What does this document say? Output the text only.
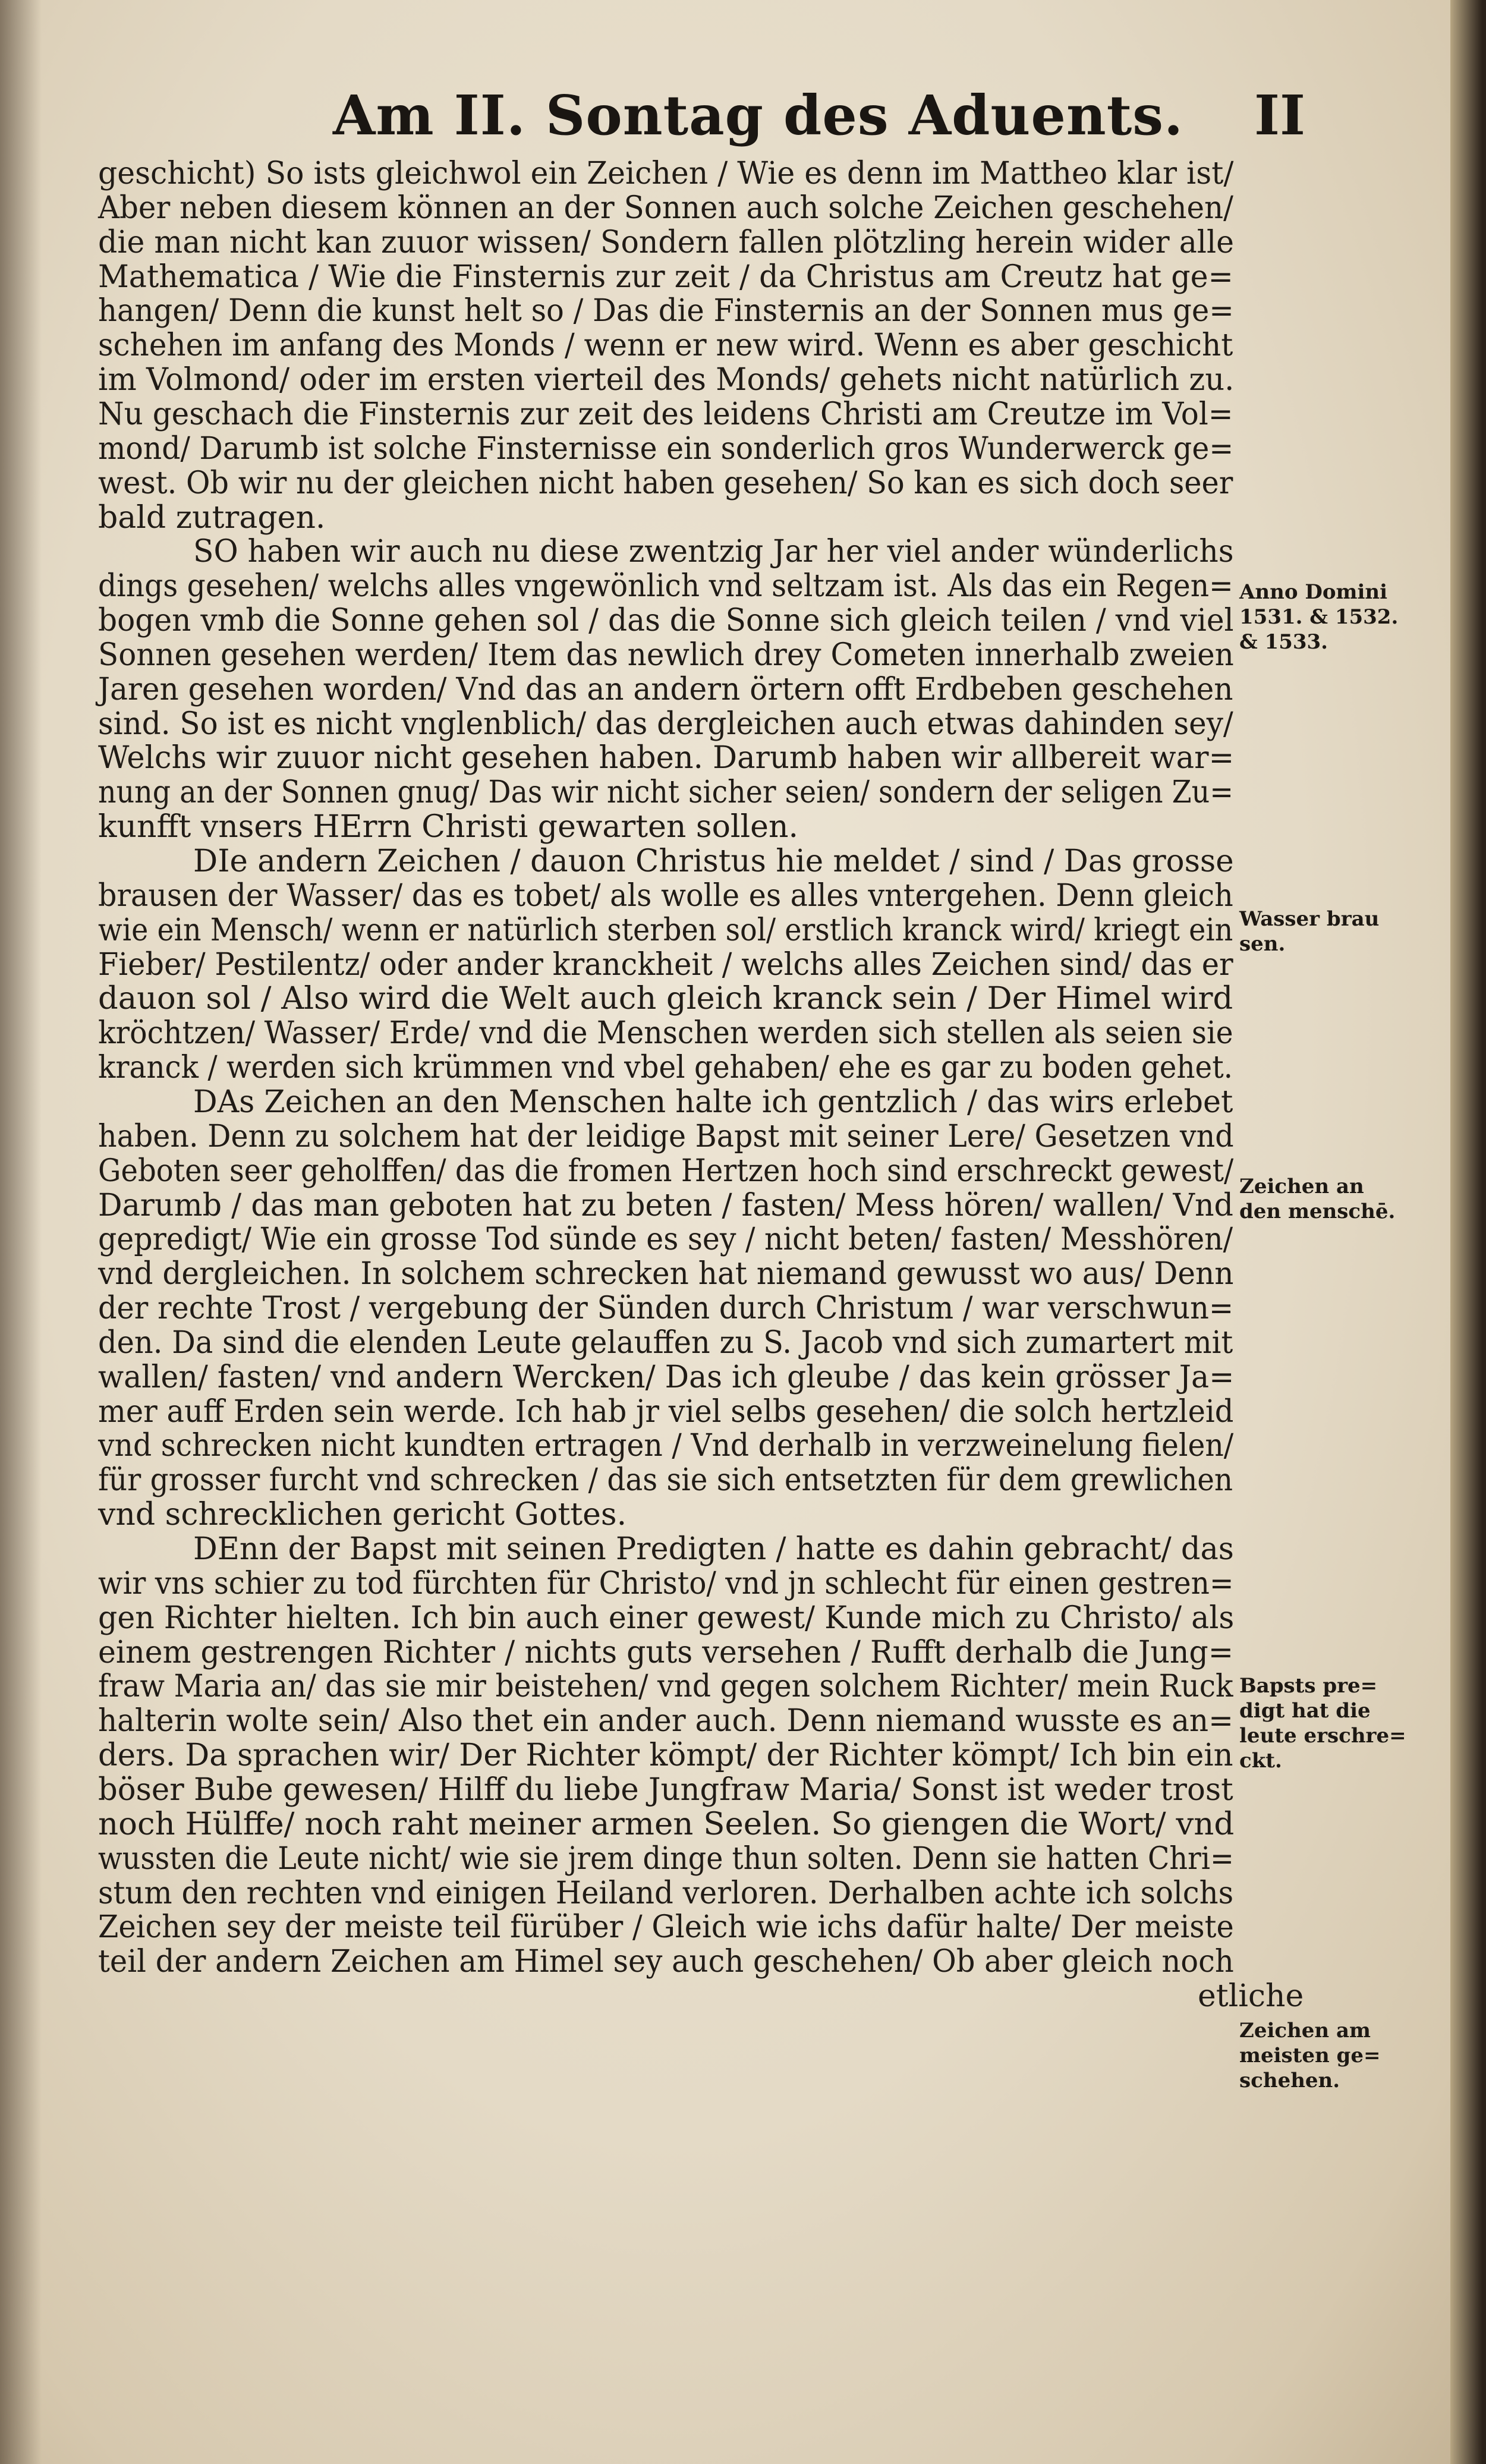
Am II. Sontag des Aduents. II
geschicht) So ists gleichwol ein Zeichen / Wie es denn im Mattheo klar ist/
Aber neben diesem können an der Sonnen auch solche Zeichen geschehen/
die man nicht kan zuuor wissen/ Sondern fallen plötzling herein wider alle
Mathematica / Wie die Finsternis zur zeit / da Christus am Creutz hat ge=
hangen/ Denn die kunst helt so / Das die Finsternis an der Sonnen mus ge=
schehen im anfang des Monds / wenn er new wird. Wenn es aber geschicht
im Volmond/ oder im ersten vierteil des Monds/ gehets nicht natürlich zu.
Nu geschach die Finsternis zur zeit des leidens Christi am Creutze im Vol=
mond/ Darumb ist solche Finsternisse ein sonderlich gros Wunderwerck ge=
west. Ob wir nu der gleichen nicht haben gesehen/ So kan es sich doch seer
bald zutragen.
SO haben wir auch nu diese zwentzig Jar her viel ander wünderlichs
dings gesehen/ welchs alles vngewönlich vnd seltzam ist. Als das ein Regen=
bogen vmb die Sonne gehen sol / das die Sonne sich gleich teilen / vnd viel
Sonnen gesehen werden/ Item das newlich drey Cometen innerhalb zweien
Jaren gesehen worden/ Vnd das an andern örtern offt Erdbeben geschehen
sind. So ist es nicht vnglenblich/ das dergleichen auch etwas dahinden sey/
Welchs wir zuuor nicht gesehen haben. Darumb haben wir allbereit war=
nung an der Sonnen gnug/ Das wir nicht sicher seien/ sondern der seligen Zu=
kunfft vnsers HErrn Christi gewarten sollen.
DIe andern Zeichen / dauon Christus hie meldet / sind / Das grosse
brausen der Wasser/ das es tobet/ als wolle es alles vntergehen. Denn gleich
wie ein Mensch/ wenn er natürlich sterben sol/ erstlich kranck wird/ kriegt ein
Fieber/ Pestilentz/ oder ander kranckheit / welchs alles Zeichen sind/ das er
dauon sol / Also wird die Welt auch gleich kranck sein / Der Himel wird
kröchtzen/ Wasser/ Erde/ vnd die Menschen werden sich stellen als seien sie
kranck / werden sich krümmen vnd vbel gehaben/ ehe es gar zu boden gehet.
DAs Zeichen an den Menschen halte ich gentzlich / das wirs erlebet
haben. Denn zu solchem hat der leidige Bapst mit seiner Lere/ Gesetzen vnd
Geboten seer geholffen/ das die fromen Hertzen hoch sind erschreckt gewest/
Darumb / das man geboten hat zu beten / fasten/ Mess hören/ wallen/ Vnd
gepredigt/ Wie ein grosse Tod sünde es sey / nicht beten/ fasten/ Messhören/
vnd dergleichen. In solchem schrecken hat niemand gewusst wo aus/ Denn
der rechte Trost / vergebung der Sünden durch Christum / war verschwun=
den. Da sind die elenden Leute gelauffen zu S. Jacob vnd sich zumartert mit
wallen/ fasten/ vnd andern Wercken/ Das ich gleube / das kein grösser Ja=
mer auff Erden sein werde. Ich hab jr viel selbs gesehen/ die solch hertzleid
vnd schrecken nicht kundten ertragen / Vnd derhalb in verzweinelung fielen/
für grosser furcht vnd schrecken / das sie sich entsetzten für dem grewlichen
vnd schrecklichen gericht Gottes.
DEnn der Bapst mit seinen Predigten / hatte es dahin gebracht/ das
wir vns schier zu tod fürchten für Christo/ vnd jn schlecht für einen gestren=
gen Richter hielten. Ich bin auch einer gewest/ Kunde mich zu Christo/ als
einem gestrengen Richter / nichts guts versehen / Rufft derhalb die Jung=
fraw Maria an/ das sie mir beistehen/ vnd gegen solchem Richter/ mein Ruck
halterin wolte sein/ Also thet ein ander auch. Denn niemand wusste es an=
ders. Da sprachen wir/ Der Richter kömpt/ der Richter kömpt/ Ich bin ein
böser Bube gewesen/ Hilff du liebe Jungfraw Maria/ Sonst ist weder trost
noch Hülffe/ noch raht meiner armen Seelen. So giengen die Wort/ vnd
wussten die Leute nicht/ wie sie jrem dinge thun solten. Denn sie hatten Chri=
stum den rechten vnd einigen Heiland verloren. Derhalben achte ich solchs
Zeichen sey der meiste teil fürüber / Gleich wie ichs dafür halte/ Der meiste
teil der andern Zeichen am Himel sey auch geschehen/ Ob aber gleich noch
etliche
Anno Domini
1531. & 1532.
& 1533.
Wasser brau
sen.
Zeichen an
den menschē.
Bapsts pre=
digt hat die
leute erschre=
ckt.
Zeichen am
meisten ge=
schehen.
